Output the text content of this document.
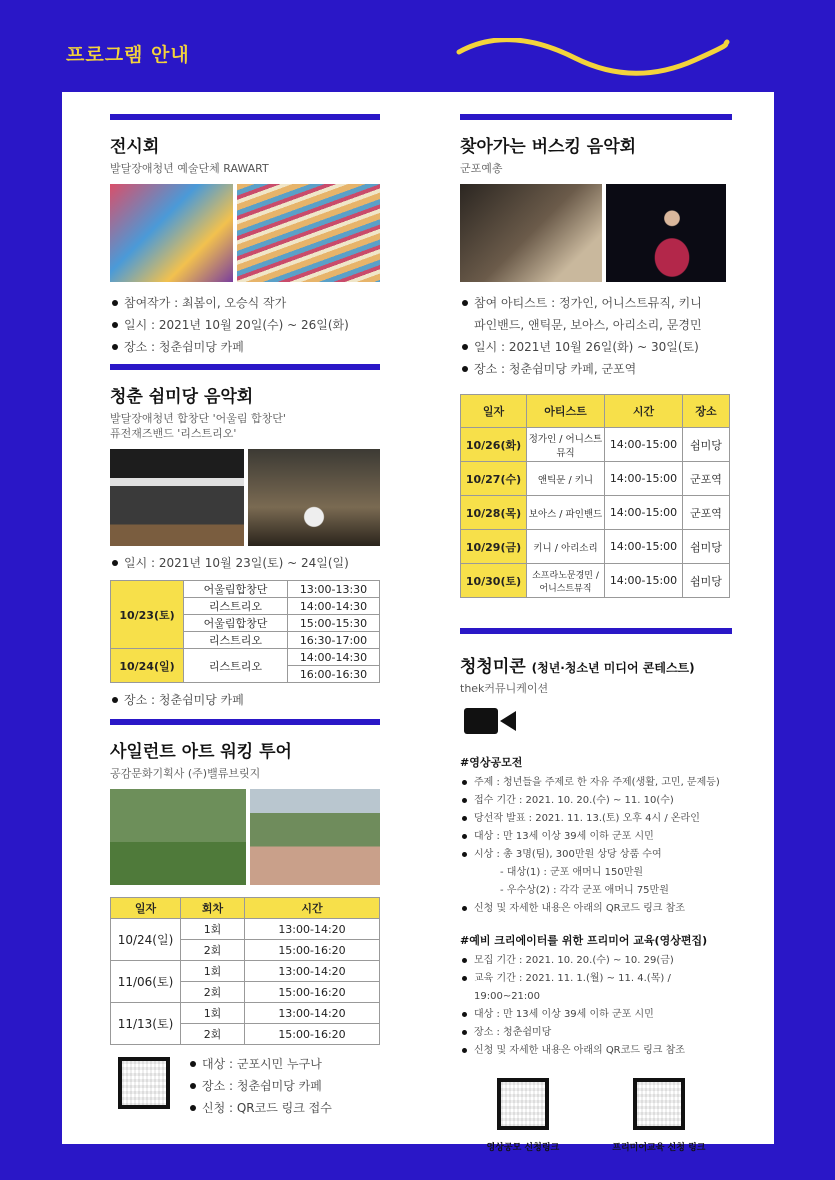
프로그램 안내
전시회
발달장애청년 예술단체 RAWART
참여작가 : 최봄이, 오승식 작가
일시 : 2021년 10월 20일(수) ~ 26일(화)
장소 : 청춘쉼미당 카페
청춘 쉼미당 음악회
발달장애청년 합창단 '어울림 합창단'
퓨전재즈밴드 '리스트리오'
일시 : 2021년 10월 23일(토) ~ 24일(일)
10/23(토)	어울림합창단	13:00-13:30
	리스트리오	14:00-14:30
	어울림합창단	15:00-15:30
	리스트리오	16:30-17:00
10/24(일)	리스트리오	14:00-14:30
		16:00-16:30
장소 : 청춘쉼미당 카페
사일런트 아트 워킹 투어
공감문화기획사 (주)밸류브릿지
일자	회차	시간
10/24(일)	1회	13:00-14:20
	2회	15:00-16:20
11/06(토)	1회	13:00-14:20
	2회	15:00-16:20
11/13(토)	1회	13:00-14:20
	2회	15:00-16:20
대상 : 군포시민 누구나
장소 : 청춘쉼미당 카페
신청 : QR코드 링크 접수
찾아가는 버스킹 음악회
군포예총
참여 아티스트 : 정가인, 어니스트뮤직, 키니
파인밴드, 앤틱문, 보아스, 아리소리, 문경민
일시 : 2021년 10월 26일(화) ~ 30일(토)
장소 : 청춘쉼미당 카페, 군포역
일자	아티스트	시간	장소
10/26(화)	정가인 / 어니스트뮤직	14:00-15:00	쉼미당
10/27(수)	앤틱문 / 키니	14:00-15:00	군포역
10/28(목)	보아스 / 파인밴드	14:00-15:00	군포역
10/29(금)	키니 / 아리소리	14:00-15:00	쉼미당
10/30(토)	소프라노문경민 / 어니스트뮤직	14:00-15:00	쉼미당
청청미콘 (청년·청소년 미디어 콘테스트)
thek커뮤니케이션
#영상공모전
주제 : 청년들을 주제로 한 자유 주제(생활, 고민, 문제등)
접수 기간 : 2021. 10. 20.(수) ~ 11. 10(수)
당선작 발표 : 2021. 11. 13.(토) 오후 4시 / 온라인
대상 : 만 13세 이상 39세 이하 군포 시민
시상 : 총 3명(팀), 300만원 상당 상품 수여
- 대상(1) : 군포 애머니 150만원
- 우수상(2) : 각각 군포 애머니 75만원
신청 및 자세한 내용은 아래의 QR코드 링크 참조
#예비 크리에이터를 위한 프리미어 교육(영상편집)
모집 기간 : 2021. 10. 20.(수) ~ 10. 29(금)
교육 기간 : 2021. 11. 1.(월) ~ 11. 4.(목) / 19:00~21:00
대상 : 만 13세 이상 39세 이하 군포 시민
장소 : 청춘쉼미당
신청 및 자세한 내용은 아래의 QR코드 링크 참조
영상공모 신청링크	프리미어교육 신청 링크
